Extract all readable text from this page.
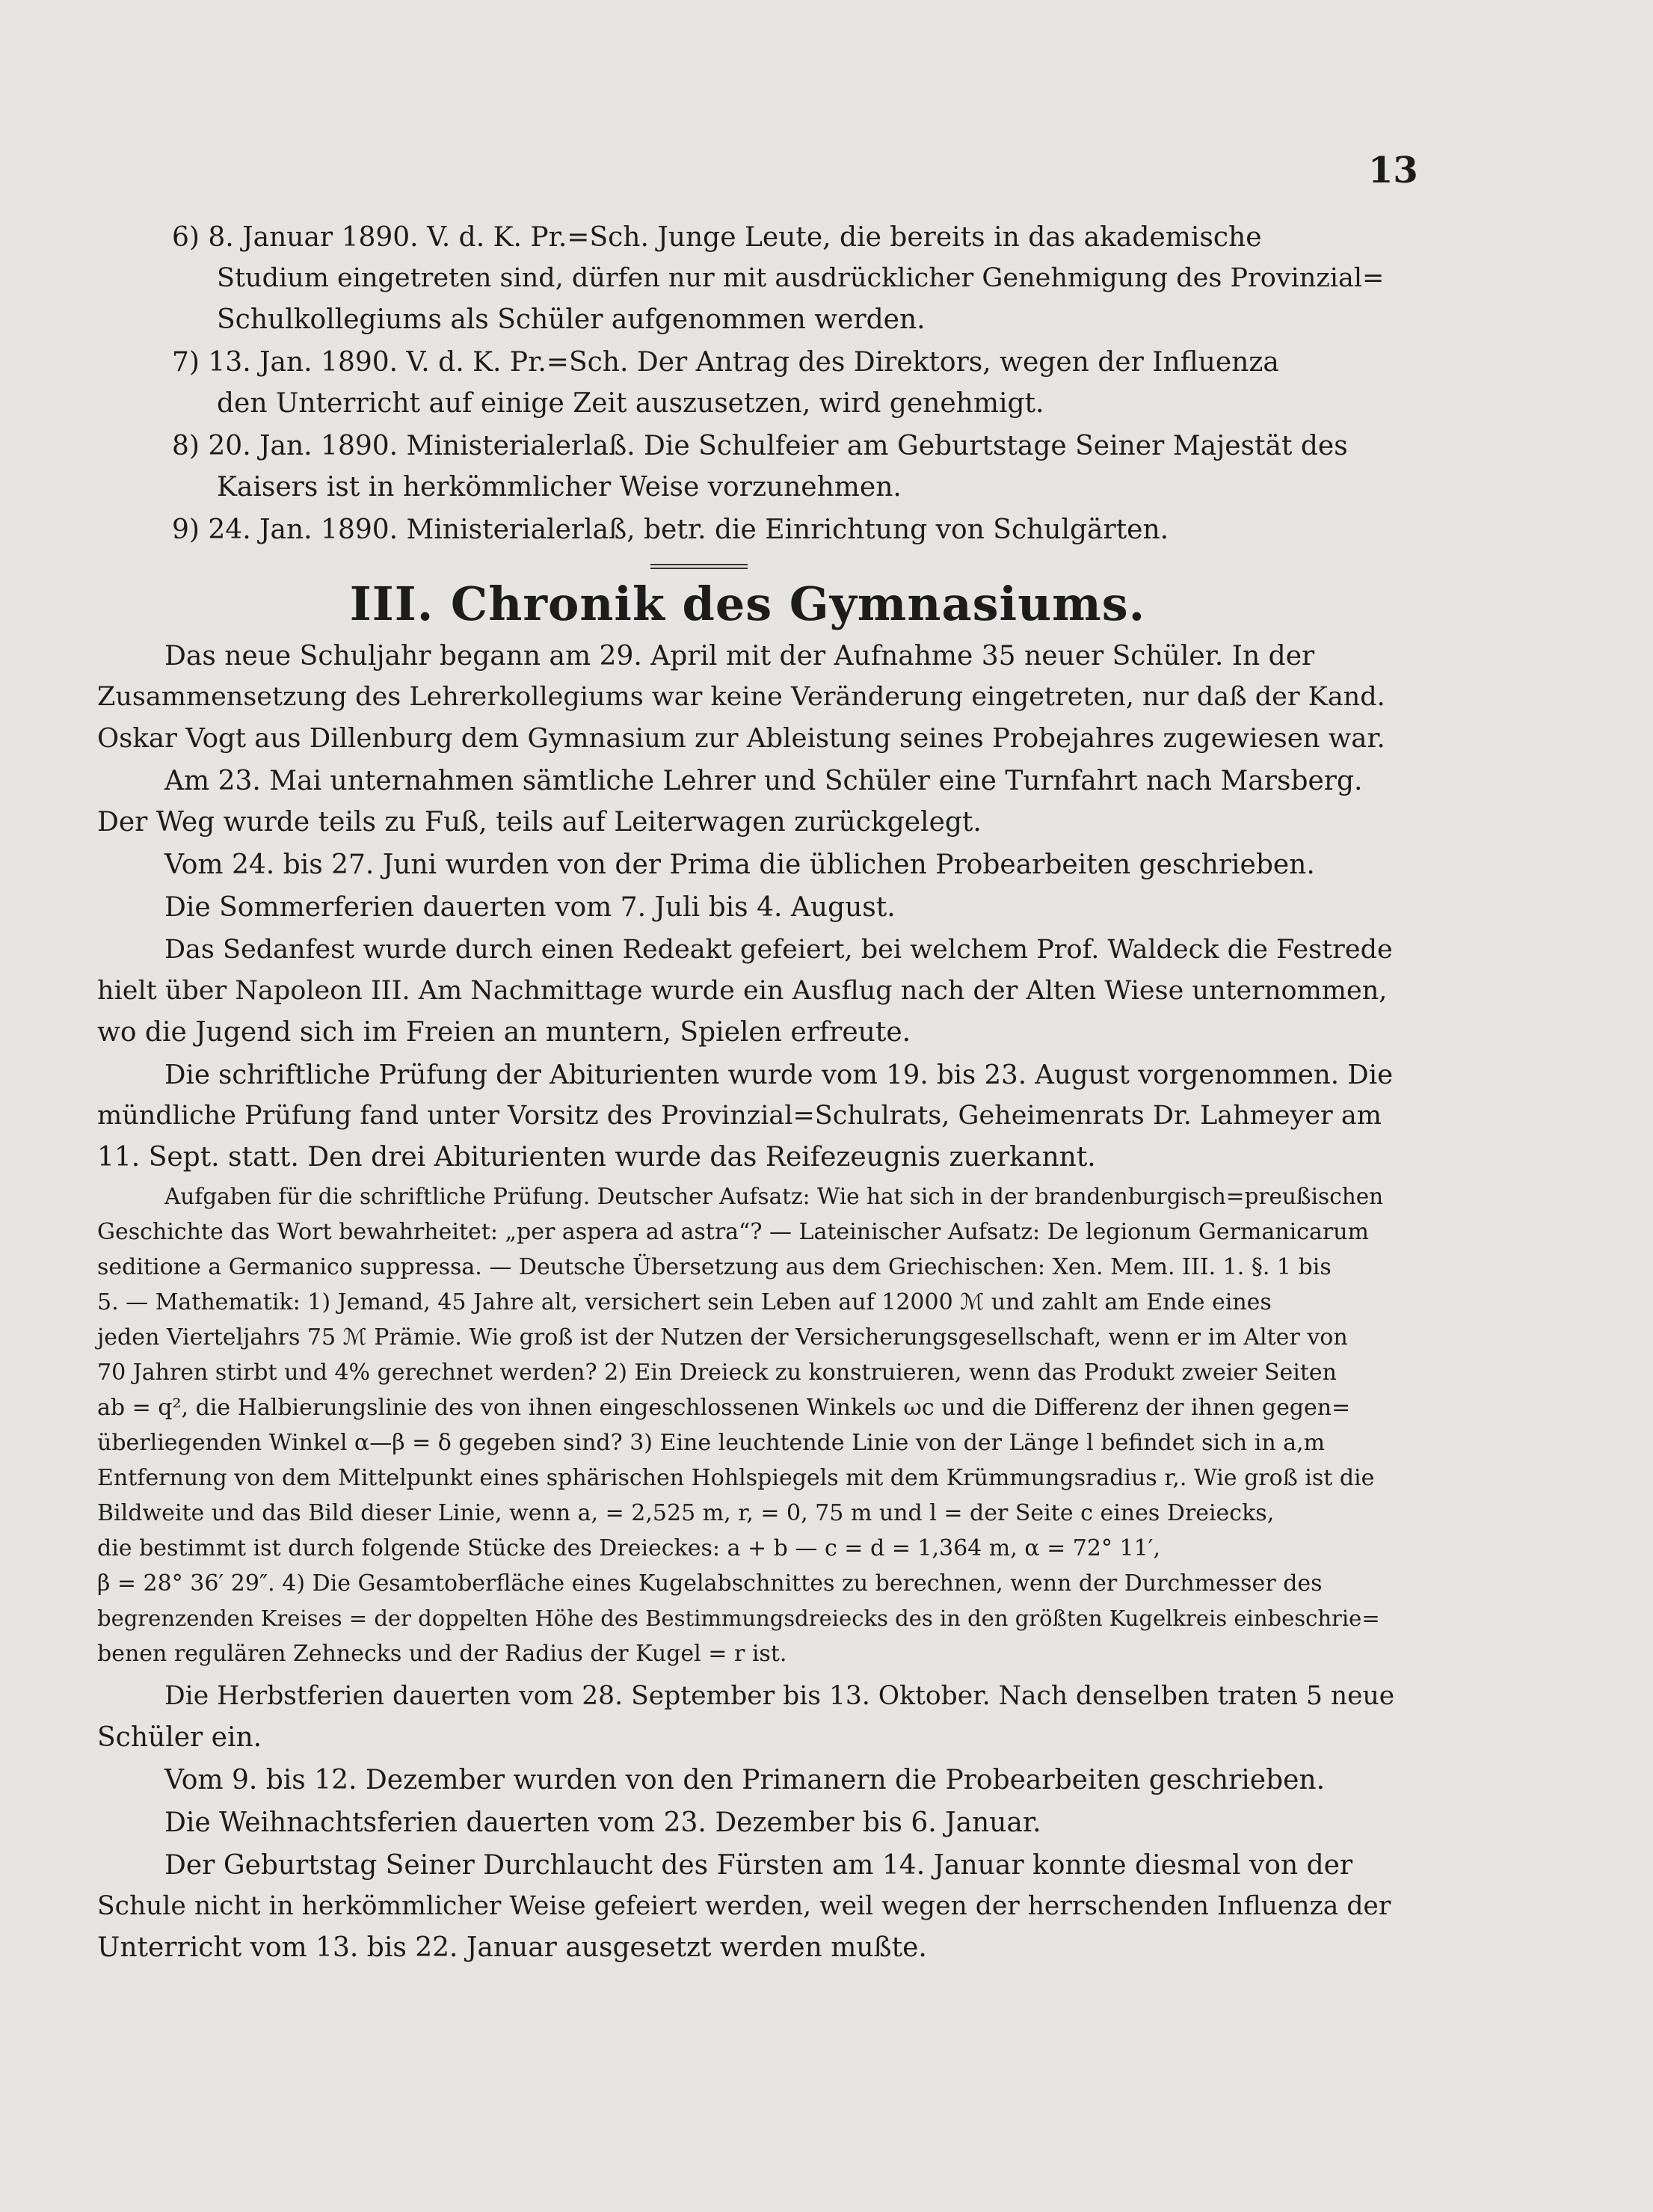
13
6) 8. Januar 1890. V. d. K. Pr.=Sch. Junge Leute, die bereits in das akademische
Studium eingetreten sind, dürfen nur mit ausdrücklicher Genehmigung des Provinzial=
Schulkollegiums als Schüler aufgenommen werden.
7) 13. Jan. 1890. V. d. K. Pr.=Sch. Der Antrag des Direktors, wegen der Influenza
den Unterricht auf einige Zeit auszusetzen, wird genehmigt.
8) 20. Jan. 1890. Ministerialerlaß. Die Schulfeier am Geburtstage Seiner Majestät des
Kaisers ist in herkömmlicher Weise vorzunehmen.
9) 24. Jan. 1890. Ministerialerlaß, betr. die Einrichtung von Schulgärten.
III. Chronik des Gymnasiums.
Das neue Schuljahr begann am 29. April mit der Aufnahme 35 neuer Schüler. In der
Zusammensetzung des Lehrerkollegiums war keine Veränderung eingetreten, nur daß der Kand.
Oskar Vogt aus Dillenburg dem Gymnasium zur Ableistung seines Probejahres zugewiesen war.
Am 23. Mai unternahmen sämtliche Lehrer und Schüler eine Turnfahrt nach Marsberg.
Der Weg wurde teils zu Fuß, teils auf Leiterwagen zurückgelegt.
Vom 24. bis 27. Juni wurden von der Prima die üblichen Probearbeiten geschrieben.
Die Sommerferien dauerten vom 7. Juli bis 4. August.
Das Sedanfest wurde durch einen Redeakt gefeiert, bei welchem Prof. Waldeck die Festrede
hielt über Napoleon III. Am Nachmittage wurde ein Ausflug nach der Alten Wiese unternommen,
wo die Jugend sich im Freien an muntern, Spielen erfreute.
Die schriftliche Prüfung der Abiturienten wurde vom 19. bis 23. August vorgenommen. Die
mündliche Prüfung fand unter Vorsitz des Provinzial=Schulrats, Geheimenrats Dr. Lahmeyer am
11. Sept. statt. Den drei Abiturienten wurde das Reifezeugnis zuerkannt.
Aufgaben für die schriftliche Prüfung. Deutscher Aufsatz: Wie hat sich in der brandenburgisch=preußischen
Geschichte das Wort bewahrheitet: „per aspera ad astra“? — Lateinischer Aufsatz: De legionum Germanicarum
seditione a Germanico suppressa. — Deutsche Übersetzung aus dem Griechischen: Xen. Mem. III. 1. §. 1 bis
5. — Mathematik: 1) Jemand, 45 Jahre alt, versichert sein Leben auf 12000 ℳ und zahlt am Ende eines
jeden Vierteljahrs 75 ℳ Prämie. Wie groß ist der Nutzen der Versicherungsgesellschaft, wenn er im Alter von
70 Jahren stirbt und 4% gerechnet werden? 2) Ein Dreieck zu konstruieren, wenn das Produkt zweier Seiten
ab = q², die Halbierungslinie des von ihnen eingeschlossenen Winkels ωc und die Differenz der ihnen gegen=
überliegenden Winkel α—β = δ gegeben sind? 3) Eine leuchtende Linie von der Länge l befindet sich in a,m
Entfernung von dem Mittelpunkt eines sphärischen Hohlspiegels mit dem Krümmungsradius r,. Wie groß ist die
Bildweite und das Bild dieser Linie, wenn a, = 2,525 m, r, = 0, 75 m und l = der Seite c eines Dreiecks,
die bestimmt ist durch folgende Stücke des Dreieckes: a + b — c = d = 1,364 m, α = 72° 11′,
β = 28° 36′ 29″. 4) Die Gesamtoberfläche eines Kugelabschnittes zu berechnen, wenn der Durchmesser des
begrenzenden Kreises = der doppelten Höhe des Bestimmungsdreiecks des in den größten Kugelkreis einbeschrie=
benen regulären Zehnecks und der Radius der Kugel = r ist.
Die Herbstferien dauerten vom 28. September bis 13. Oktober. Nach denselben traten 5 neue
Schüler ein.
Vom 9. bis 12. Dezember wurden von den Primanern die Probearbeiten geschrieben.
Die Weihnachtsferien dauerten vom 23. Dezember bis 6. Januar.
Der Geburtstag Seiner Durchlaucht des Fürsten am 14. Januar konnte diesmal von der
Schule nicht in herkömmlicher Weise gefeiert werden, weil wegen der herrschenden Influenza der
Unterricht vom 13. bis 22. Januar ausgesetzt werden mußte.
